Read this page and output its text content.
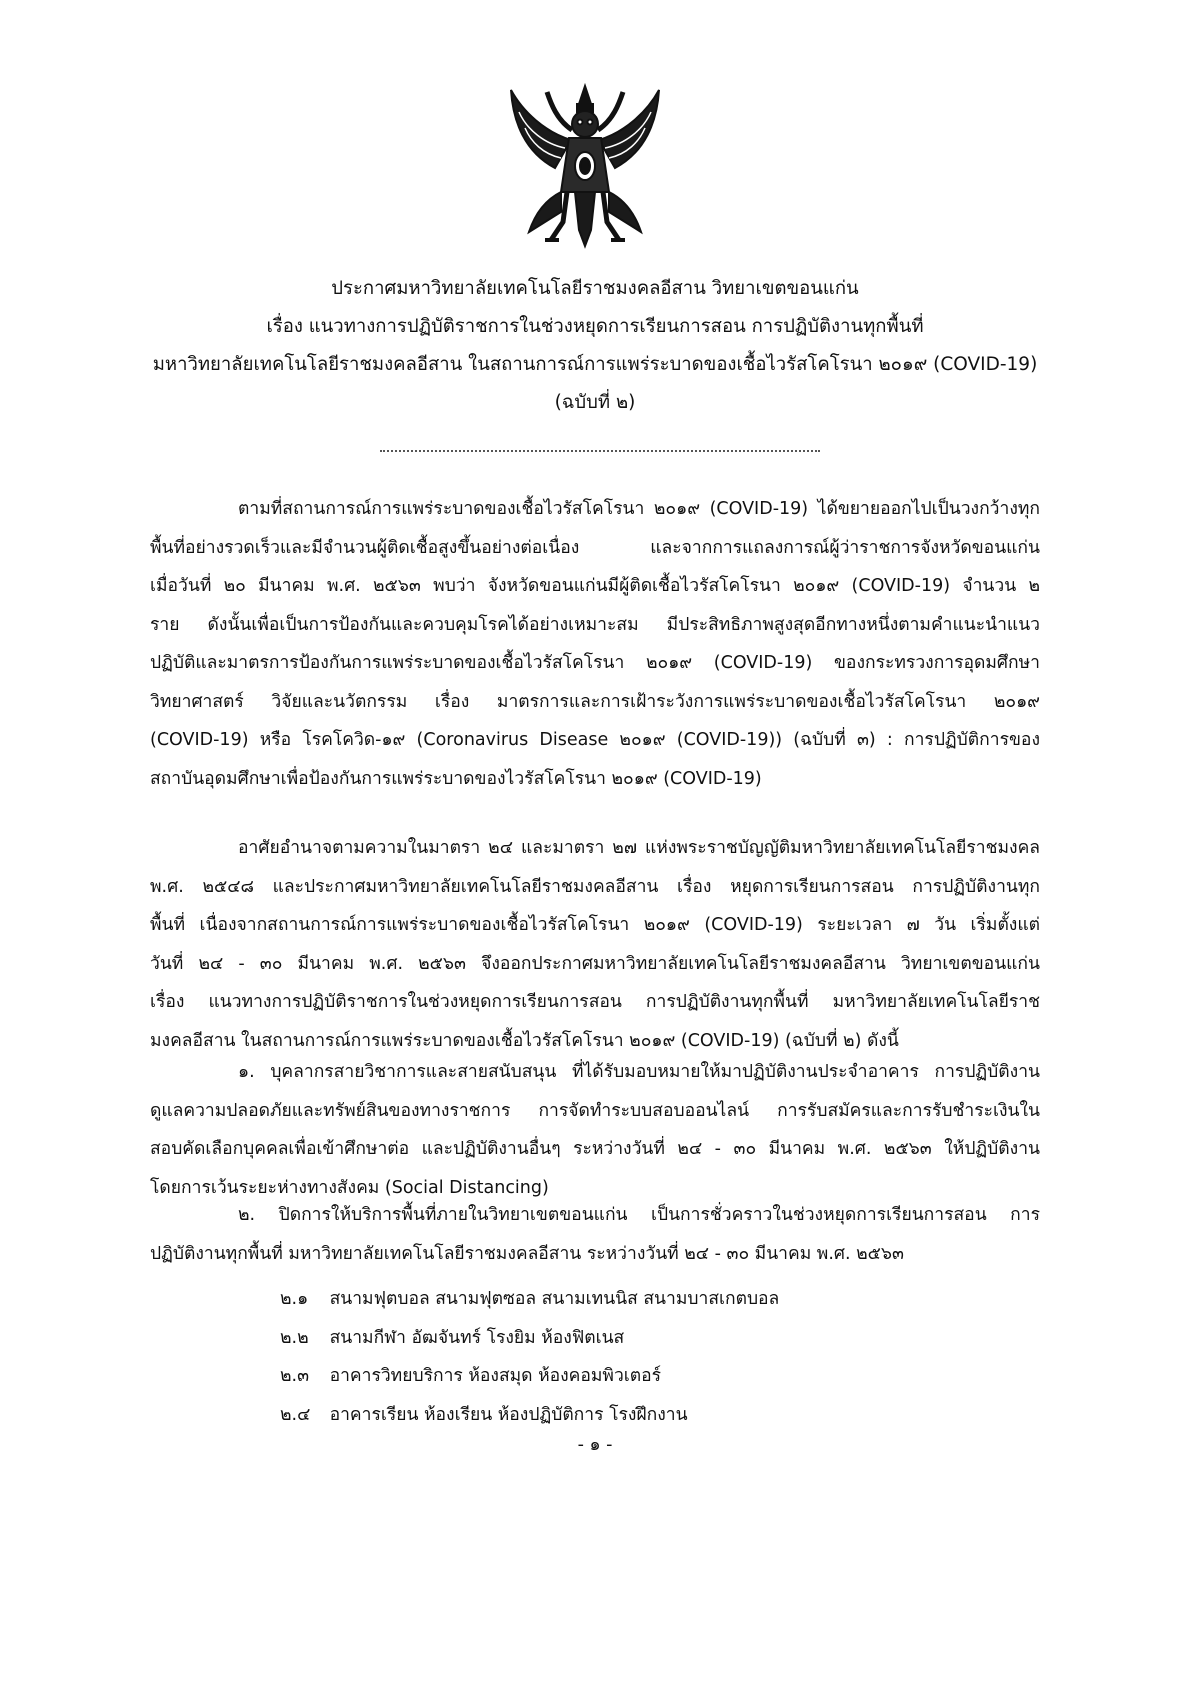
ประกาศมหาวิทยาลัยเทคโนโลยีราชมงคลอีสาน วิทยาเขตขอนแก่น
เรื่อง แนวทางการปฏิบัติราชการในช่วงหยุดการเรียนการสอน การปฏิบัติงานทุกพื้นที่
มหาวิทยาลัยเทคโนโลยีราชมงคลอีสาน ในสถานการณ์การแพร่ระบาดของเชื้อไวรัสโคโรนา ๒๐๑๙ (COVID-19)
(ฉบับที่ ๒)
ตามที่สถานการณ์การแพร่ระบาดของเชื้อไวรัสโคโรนา ๒๐๑๙ (COVID-19) ได้ขยายออกไปเป็นวงกว้างทุก
พื้นที่อย่างรวดเร็วและมีจำนวนผู้ติดเชื้อสูงขึ้นอย่างต่อเนื่อง และจากการแถลงการณ์ผู้ว่าราชการจังหวัดขอนแก่น
เมื่อวันที่ ๒๐ มีนาคม พ.ศ. ๒๕๖๓ พบว่า จังหวัดขอนแก่นมีผู้ติดเชื้อไวรัสโคโรนา ๒๐๑๙ (COVID-19) จำนวน ๒
ราย ดังนั้นเพื่อเป็นการป้องกันและควบคุมโรคได้อย่างเหมาะสม มีประสิทธิภาพสูงสุดอีกทางหนึ่งตามคำแนะนำแนว
ปฏิบัติและมาตรการป้องกันการแพร่ระบาดของเชื้อไวรัสโคโรนา ๒๐๑๙ (COVID-19) ของกระทรวงการอุดมศึกษา
วิทยาศาสตร์ วิจัยและนวัตกรรม เรื่อง มาตรการและการเฝ้าระวังการแพร่ระบาดของเชื้อไวรัสโคโรนา ๒๐๑๙
(COVID-19) หรือ โรคโควิด-๑๙ (Coronavirus Disease ๒๐๑๙ (COVID-19)) (ฉบับที่ ๓) : การปฏิบัติการของ
สถาบันอุดมศึกษาเพื่อป้องกันการแพร่ระบาดของไวรัสโคโรนา ๒๐๑๙ (COVID-19)
อาศัยอำนาจตามความในมาตรา ๒๔ และมาตรา ๒๗ แห่งพระราชบัญญัติมหาวิทยาลัยเทคโนโลยีราชมงคล
พ.ศ. ๒๕๔๘ และประกาศมหาวิทยาลัยเทคโนโลยีราชมงคลอีสาน เรื่อง หยุดการเรียนการสอน การปฏิบัติงานทุก
พื้นที่ เนื่องจากสถานการณ์การแพร่ระบาดของเชื้อไวรัสโคโรนา ๒๐๑๙ (COVID-19) ระยะเวลา ๗ วัน เริ่มตั้งแต่
วันที่ ๒๔ - ๓๐ มีนาคม พ.ศ. ๒๕๖๓ จึงออกประกาศมหาวิทยาลัยเทคโนโลยีราชมงคลอีสาน วิทยาเขตขอนแก่น
เรื่อง แนวทางการปฏิบัติราชการในช่วงหยุดการเรียนการสอน การปฏิบัติงานทุกพื้นที่ มหาวิทยาลัยเทคโนโลยีราช
มงคลอีสาน ในสถานการณ์การแพร่ระบาดของเชื้อไวรัสโคโรนา ๒๐๑๙ (COVID-19) (ฉบับที่ ๒) ดังนี้
๑. บุคลากรสายวิชาการและสายสนับสนุน ที่ได้รับมอบหมายให้มาปฏิบัติงานประจำอาคาร การปฏิบัติงาน
ดูแลความปลอดภัยและทรัพย์สินของทางราชการ การจัดทำระบบสอบออนไลน์ การรับสมัครและการรับชำระเงินใน
สอบคัดเลือกบุคคลเพื่อเข้าศึกษาต่อ และปฏิบัติงานอื่นๆ ระหว่างวันที่ ๒๔ - ๓๐ มีนาคม พ.ศ. ๒๕๖๓ ให้ปฏิบัติงาน
โดยการเว้นระยะห่างทางสังคม (Social Distancing)
๒. ปิดการให้บริการพื้นที่ภายในวิทยาเขตขอนแก่น เป็นการชั่วคราวในช่วงหยุดการเรียนการสอน การ
ปฏิบัติงานทุกพื้นที่ มหาวิทยาลัยเทคโนโลยีราชมงคลอีสาน ระหว่างวันที่ ๒๔ - ๓๐ มีนาคม พ.ศ. ๒๕๖๓
๒.๑ สนามฟุตบอล สนามฟุตซอล สนามเทนนิส สนามบาสเกตบอล
๒.๒ สนามกีฬา อัฒจันทร์ โรงยิม ห้องฟิตเนส
๒.๓ อาคารวิทยบริการ ห้องสมุด ห้องคอมพิวเตอร์
๒.๔ อาคารเรียน ห้องเรียน ห้องปฏิบัติการ โรงฝึกงาน
- ๑ -
